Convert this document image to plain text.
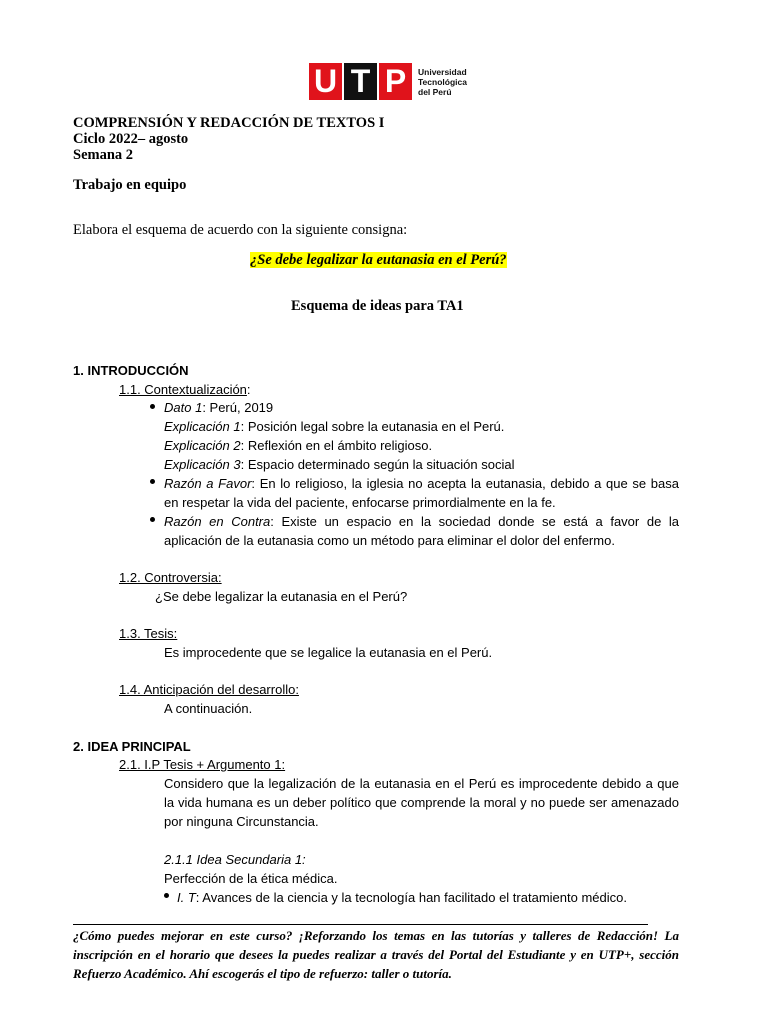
U T P	Universidad
Tecnológica
del Perú
COMPRENSIÓN Y REDACCIÓN DE TEXTOS I
Ciclo 2022– agosto
Semana 2
Trabajo en equipo
Elabora el esquema de acuerdo con la siguiente consigna:
¿Se debe legalizar la eutanasia en el Perú?
Esquema de ideas para TA1
1. INTRODUCCIÓN
1.1. Contextualización:
Dato 1: Perú, 2019
Explicación 1: Posición legal sobre la eutanasia en el Perú.
Explicación 2: Reflexión en el ámbito religioso.
Explicación 3: Espacio determinado según la situación social
Razón a Favor: En lo religioso, la iglesia no acepta la eutanasia, debido a que se basa en respetar la vida del paciente, enfocarse primordialmente en la fe.
Razón en Contra: Existe un espacio en la sociedad donde se está a favor de la aplicación de la eutanasia como un método para eliminar el dolor del enfermo.
1.2. Controversia:
¿Se debe legalizar la eutanasia en el Perú?
1.3. Tesis:
Es improcedente que se legalice la eutanasia en el Perú.
1.4. Anticipación del desarrollo:
A continuación.
2. IDEA PRINCIPAL
2.1. I.P Tesis + Argumento 1:
Considero que la legalización de la eutanasia en el Perú es improcedente debido a que la vida humana es un deber político que comprende la moral y no puede ser amenazado por ninguna Circunstancia.
2.1.1 Idea Secundaria 1:
Perfección de la ética médica.
I. T: Avances de la ciencia y la tecnología han facilitado el tratamiento médico.
¿Cómo puedes mejorar en este curso? ¡Reforzando los temas en las tutorías y talleres de Redacción! La inscripción en el horario que desees la puedes realizar a través del Portal del Estudiante y en UTP+, sección Refuerzo Académico. Ahí escogerás el tipo de refuerzo: taller o tutoría.
